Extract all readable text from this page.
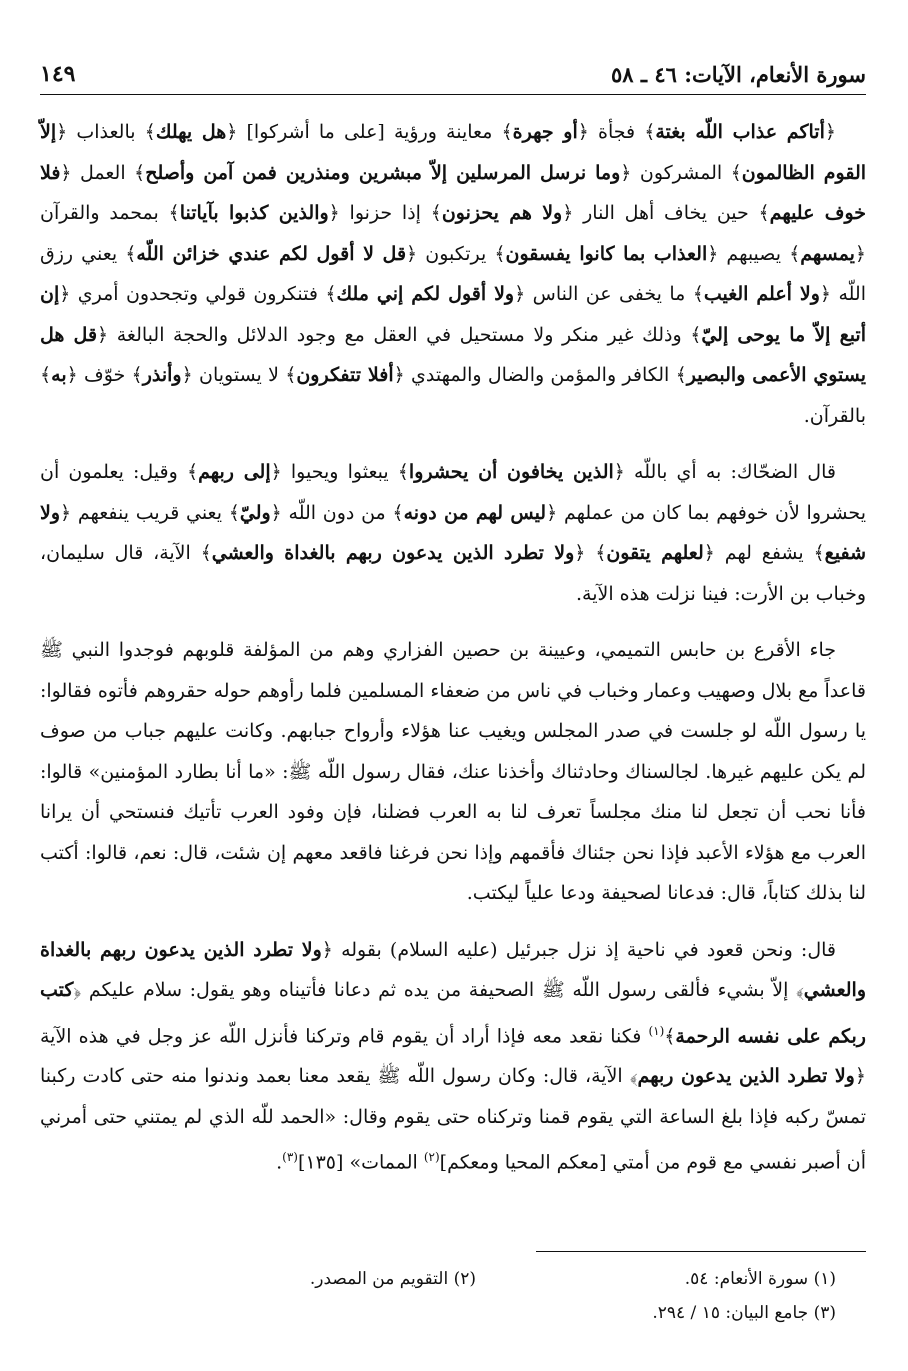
سورة الأنعام، الآيات: ٤٦ ـ ٥٨
١٤٩

﴿أتاكم عذاب اللّه بغتة﴾ فجأة ﴿أو جهرة﴾ معاينة ورؤية [على ما أشركوا] ﴿هل يهلك﴾ بالعذاب ﴿إلاّ القوم الظالمون﴾ المشركون ﴿وما نرسل المرسلين إلاّ مبشرين ومنذرين فمن آمن وأصلح﴾ العمل ﴿فلا خوف عليهم﴾ حين يخاف أهل النار ﴿ولا هم يحزنون﴾ إذا حزنوا ﴿والذين كذبوا بآياتنا﴾ بمحمد والقرآن ﴿يمسهم﴾ يصيبهم ﴿العذاب بما كانوا يفسقون﴾ يرتكبون ﴿قل لا أقول لكم عندي خزائن اللّه﴾ يعني رزق اللّه ﴿ولا أعلم الغيب﴾ ما يخفى عن الناس ﴿ولا أقول لكم إني ملك﴾ فتنكرون قولي وتجحدون أمري ﴿إن أتبع إلاّ ما يوحى إليّ﴾ وذلك غير منكر ولا مستحيل في العقل مع وجود الدلائل والحجة البالغة ﴿قل هل يستوي الأعمى والبصير﴾ الكافر والمؤمن والضال والمهتدي ﴿أفلا تتفكرون﴾ لا يستويان ﴿وأنذر﴾ خوّف ﴿به﴾ بالقرآن.

قال الضحّاك: به أي باللّه ﴿الذين يخافون أن يحشروا﴾ يبعثوا ويحيوا ﴿إلى ربهم﴾ وقيل: يعلمون أن يحشروا لأن خوفهم بما كان من عملهم ﴿ليس لهم من دونه﴾ من دون اللّه ﴿وليّ﴾ يعني قريب ينفعهم ﴿ولا شفيع﴾ يشفع لهم ﴿لعلهم يتقون﴾ ﴿ولا تطرد الذين يدعون ربهم بالغداة والعشي﴾ الآية، قال سليمان، وخباب بن الأرت: فينا نزلت هذه الآية.

جاء الأقرع بن حابس التميمي، وعيينة بن حصين الفزاري وهم من المؤلفة قلوبهم فوجدوا النبي ﷺ قاعداً مع بلال وصهيب وعمار وخباب في ناس من ضعفاء المسلمين فلما رأوهم حوله حقروهم فأتوه فقالوا: يا رسول اللّه لو جلست في صدر المجلس ويغيب عنا هؤلاء وأرواح جبابهم. وكانت عليهم جباب من صوف لم يكن عليهم غيرها. لجالسناك وحادثناك وأخذنا عنك، فقال رسول اللّه ﷺ: «ما أنا بطارد المؤمنين» قالوا: فأنا نحب أن تجعل لنا منك مجلساً تعرف لنا به العرب فضلنا، فإن وفود العرب تأتيك فنستحي أن يرانا العرب مع هؤلاء الأعبد فإذا نحن جئناك فأقمهم وإذا نحن فرغنا فاقعد معهم إن شئت، قال: نعم، قالوا: أكتب لنا بذلك كتاباً، قال: فدعانا لصحيفة ودعا علياً ليكتب.

قال: ونحن قعود في ناحية إذ نزل جبرئيل (عليه السلام) بقوله ﴿ولا تطرد الذين يدعون ربهم بالغداة والعشي﴾ إلاّ بشيء فألقى رسول اللّه ﷺ الصحيفة من يده ثم دعانا فأتيناه وهو يقول: سلام عليكم ﴿كتب ربكم على نفسه الرحمة﴾$^{(١)}$ فكنا نقعد معه فإذا أراد أن يقوم قام وتركنا فأنزل اللّه عز وجل في هذه الآية ﴿ولا تطرد الذين يدعون ربهم﴾ الآية، قال: وكان رسول اللّه ﷺ يقعد معنا بعمد وندنوا منه حتى كادت ركبنا تمسّ ركبه فإذا بلغ الساعة التي يقوم قمنا وتركناه حتى يقوم وقال: «الحمد للّه الذي لم يمتني حتى أمرني أن أصبر نفسي مع قوم من أمتي [معكم المحيا ومعكم]$^{(٢)}$ الممات» [١٣٥]$^{(٣)}$.

(١) سورة الأنعام: ٥٤.
(٢) التقويم من المصدر.
(٣) جامع البيان: ١٥ / ٢٩٤.
